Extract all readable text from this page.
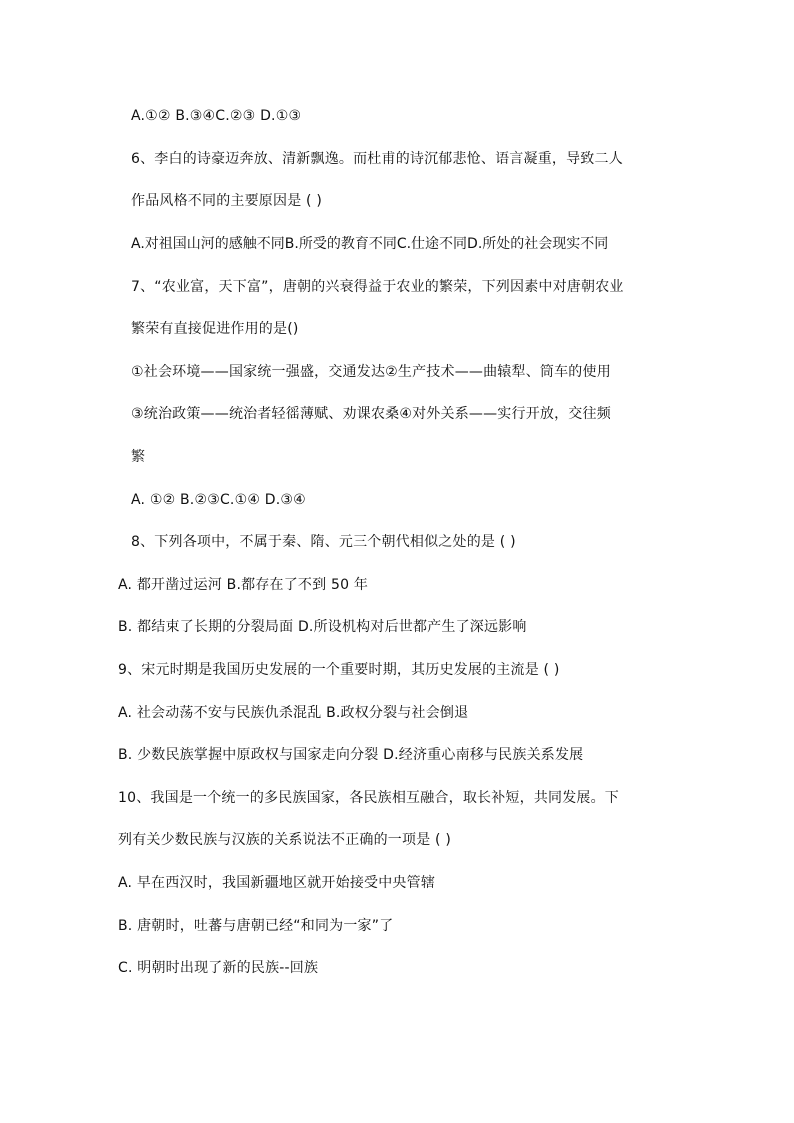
A.①② B.③④C.②③ D.①③
6、李白的诗豪迈奔放、清新飘逸。而杜甫的诗沉郁悲怆、语言凝重，导致二人
作品风格不同的主要原因是 ( )
A.对祖国山河的感触不同B.所受的教育不同C.仕途不同D.所处的社会现实不同
7、“农业富，天下富”，唐朝的兴衰得益于农业的繁荣，下列因素中对唐朝农业
繁荣有直接促进作用的是()
①社会环境——国家统一强盛，交通发达②生产技术——曲辕犁、筒车的使用
③统治政策——统治者轻徭薄赋、劝课农桑④对外关系——实行开放，交往频
繁
A. ①② B.②③C.①④ D.③④
8、下列各项中，不属于秦、隋、元三个朝代相似之处的是 ( )
A. 都开凿过运河 B.都存在了不到 50 年
B. 都结束了长期的分裂局面 D.所设机构对后世都产生了深远影响
9、宋元时期是我国历史发展的一个重要时期，其历史发展的主流是 ( )
A. 社会动荡不安与民族仇杀混乱 B.政权分裂与社会倒退
B. 少数民族掌握中原政权与国家走向分裂 D.经济重心南移与民族关系发展
10、我国是一个统一的多民族国家，各民族相互融合，取长补短，共同发展。下
列有关少数民族与汉族的关系说法不正确的一项是 ( )
A. 早在西汉时，我国新疆地区就开始接受中央管辖
B. 唐朝时，吐蕃与唐朝已经“和同为一家”了
C. 明朝时出现了新的民族--回族
